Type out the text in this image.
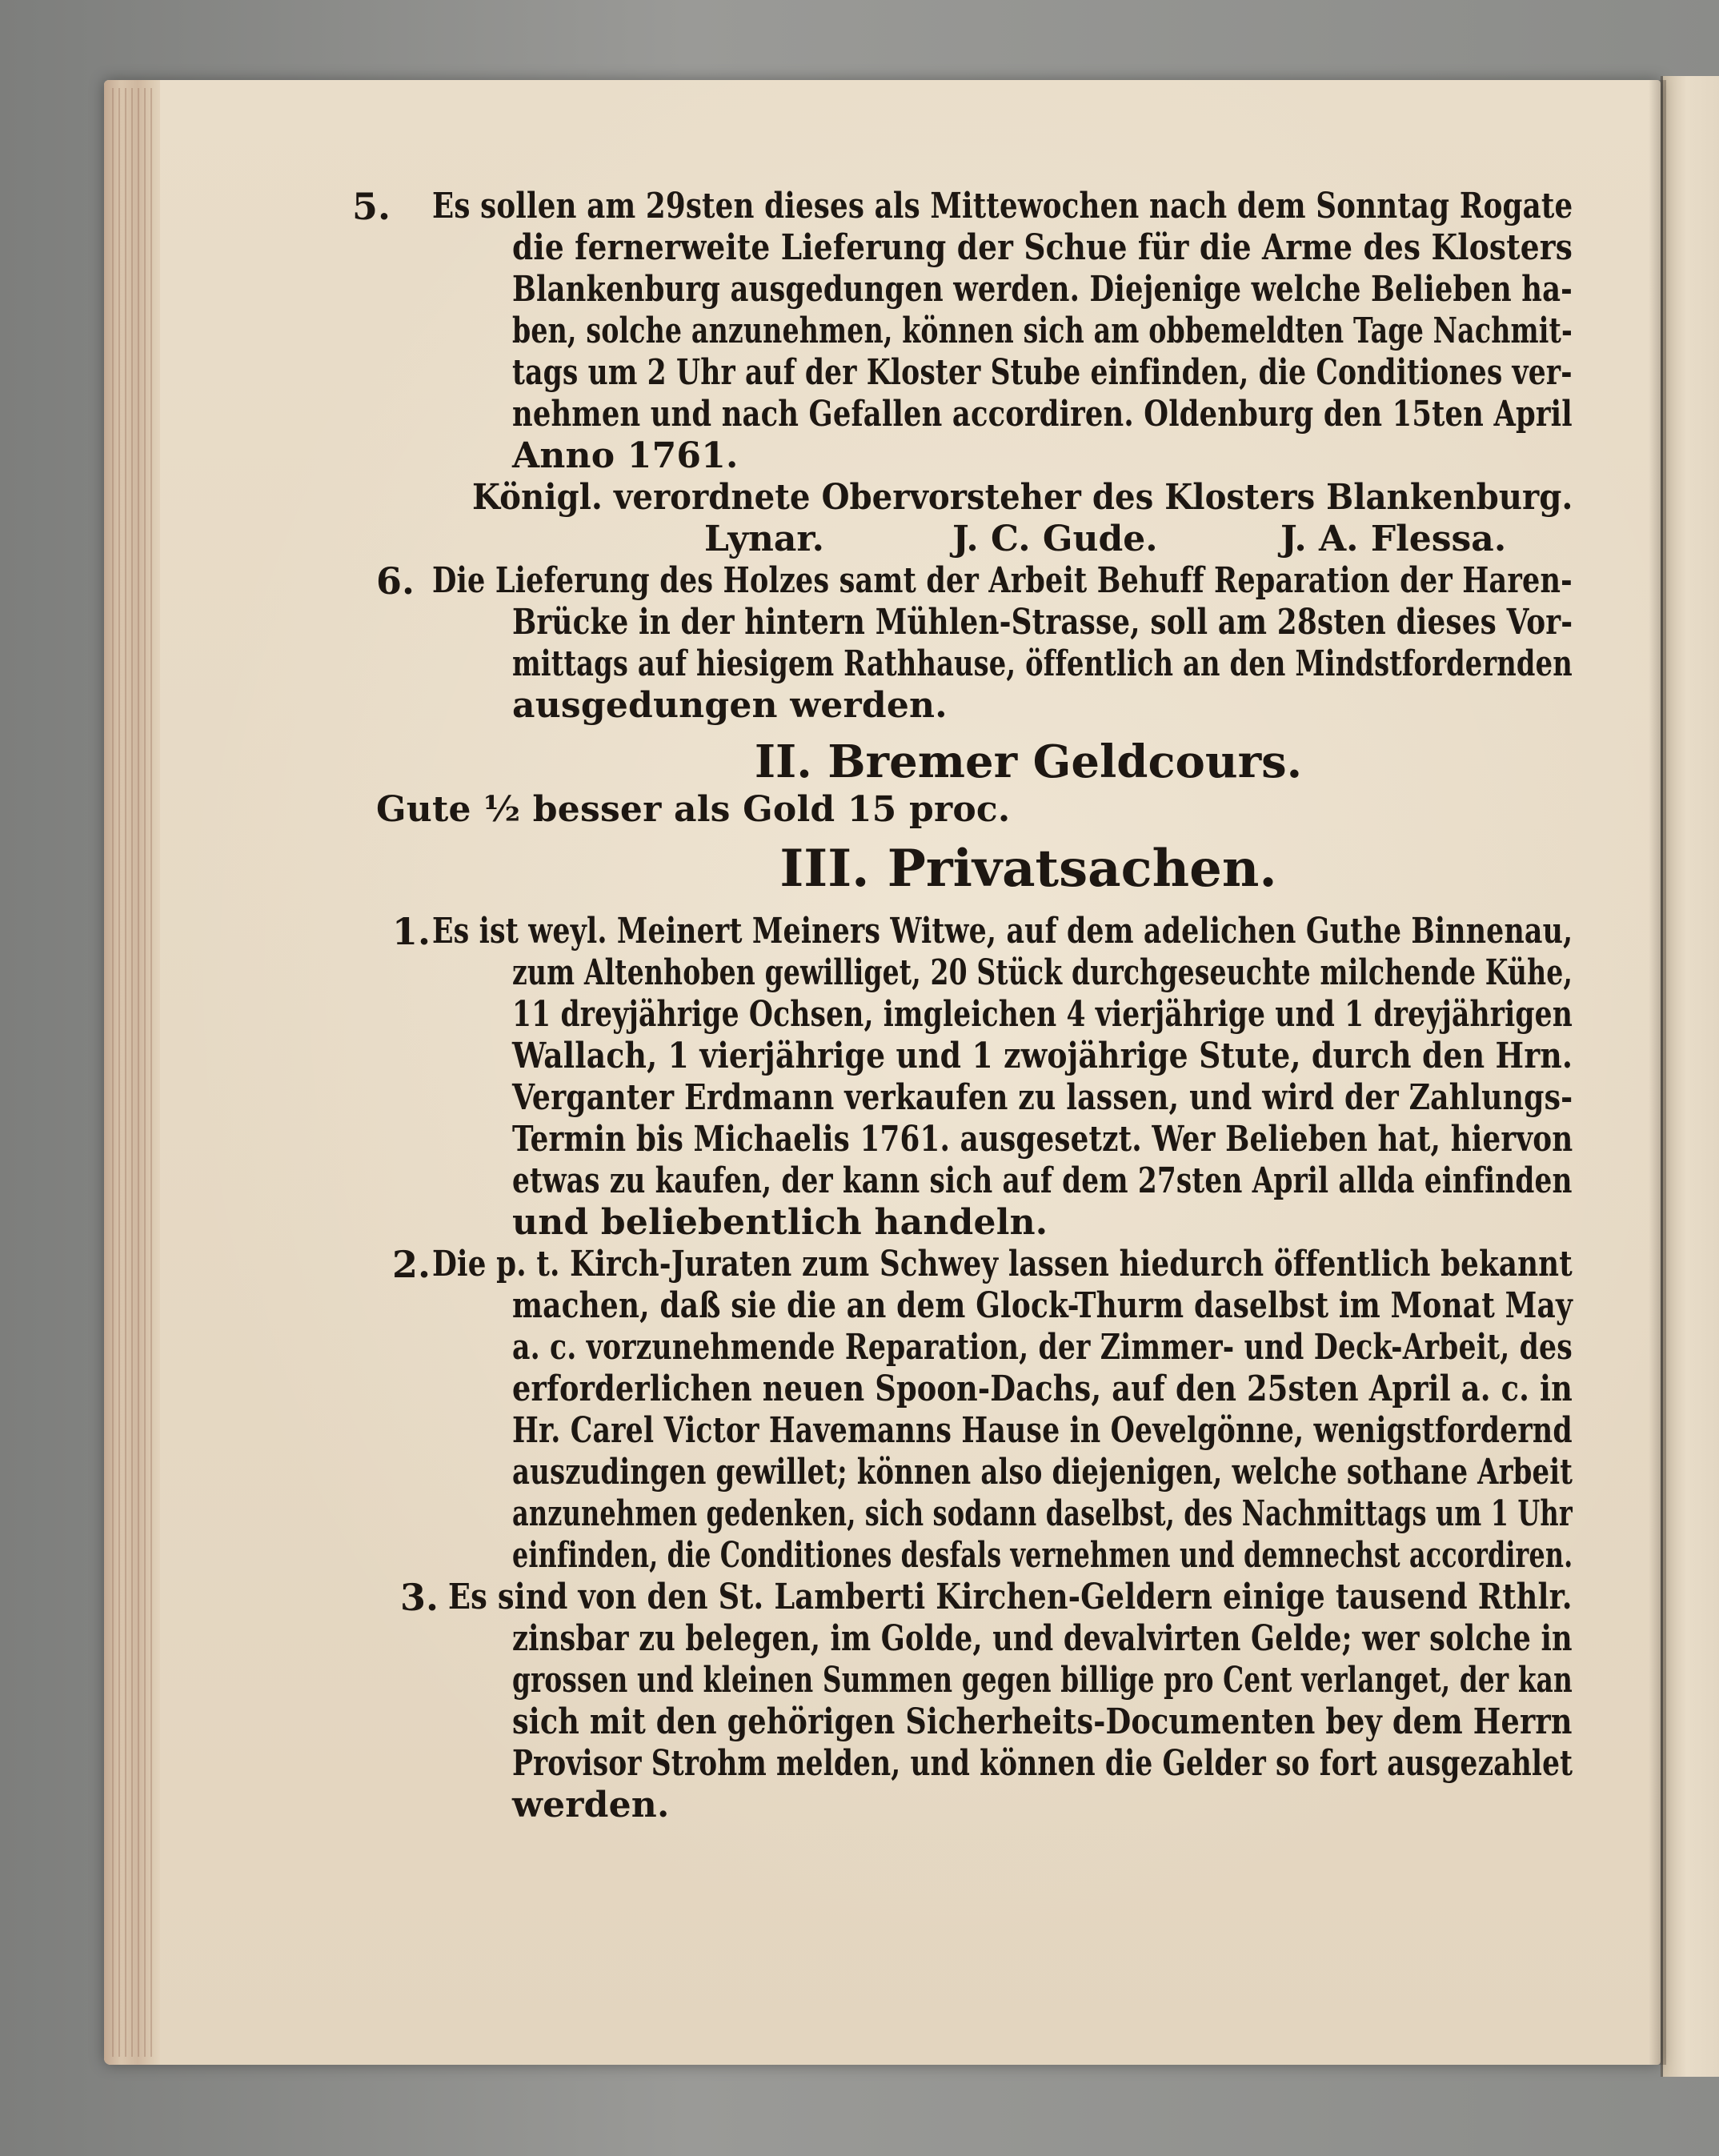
5. Es sollen am 29sten dieses als Mittewochen nach dem Sonntag Rogate
die fernerweite Lieferung der Schue für die Arme des Klosters
Blankenburg ausgedungen werden. Diejenige welche Belieben ha-
ben, solche anzunehmen, können sich am obbemeldten Tage Nachmit-
tags um 2 Uhr auf der Kloster Stube einfinden, die Conditiones ver-
nehmen und nach Gefallen accordiren. Oldenburg den 15ten April
Anno 1761.
Königl. verordnete Obervorsteher des Klosters Blankenburg.
Lynar.	J. C. Gude.	J. A. Flessa.
6. Die Lieferung des Holzes samt der Arbeit Behuff Reparation der Haren-
Brücke in der hintern Mühlen-Strasse, soll am 28sten dieses Vor-
mittags auf hiesigem Rathhause, öffentlich an den Mindstfordernden
ausgedungen werden.
II. Bremer Geldcours.
Gute ½ besser als Gold 15 proc.
III. Privatsachen.
1. Es ist weyl. Meinert Meiners Witwe, auf dem adelichen Guthe Binnenau,
zum Altenhoben gewilliget, 20 Stück durchgeseuchte milchende Kühe,
11 dreyjährige Ochsen, imgleichen 4 vierjährige und 1 dreyjährigen
Wallach, 1 vierjährige und 1 zwojährige Stute, durch den Hrn.
Verganter Erdmann verkaufen zu lassen, und wird der Zahlungs-
Termin bis Michaelis 1761. ausgesetzt. Wer Belieben hat, hiervon
etwas zu kaufen, der kann sich auf dem 27sten April allda einfinden
und beliebentlich handeln.
2. Die p. t. Kirch-Juraten zum Schwey lassen hiedurch öffentlich bekannt
machen, daß sie die an dem Glock-Thurm daselbst im Monat May
a. c. vorzunehmende Reparation, der Zimmer- und Deck-Arbeit, des
erforderlichen neuen Spoon-Dachs, auf den 25sten April a. c. in
Hr. Carel Victor Havemanns Hause in Oevelgönne, wenigstfordernd
auszudingen gewillet; können also diejenigen, welche sothane Arbeit
anzunehmen gedenken, sich sodann daselbst, des Nachmittags um 1 Uhr
einfinden, die Conditiones desfals vernehmen und demnechst accordiren.
3. Es sind von den St. Lamberti Kirchen-Geldern einige tausend Rthlr.
zinsbar zu belegen, im Golde, und devalvirten Gelde; wer solche in
grossen und kleinen Summen gegen billige pro Cent verlanget, der kan
sich mit den gehörigen Sicherheits-Documenten bey dem Herrn
Provisor Strohm melden, und können die Gelder so fort ausgezahlet
werden.
